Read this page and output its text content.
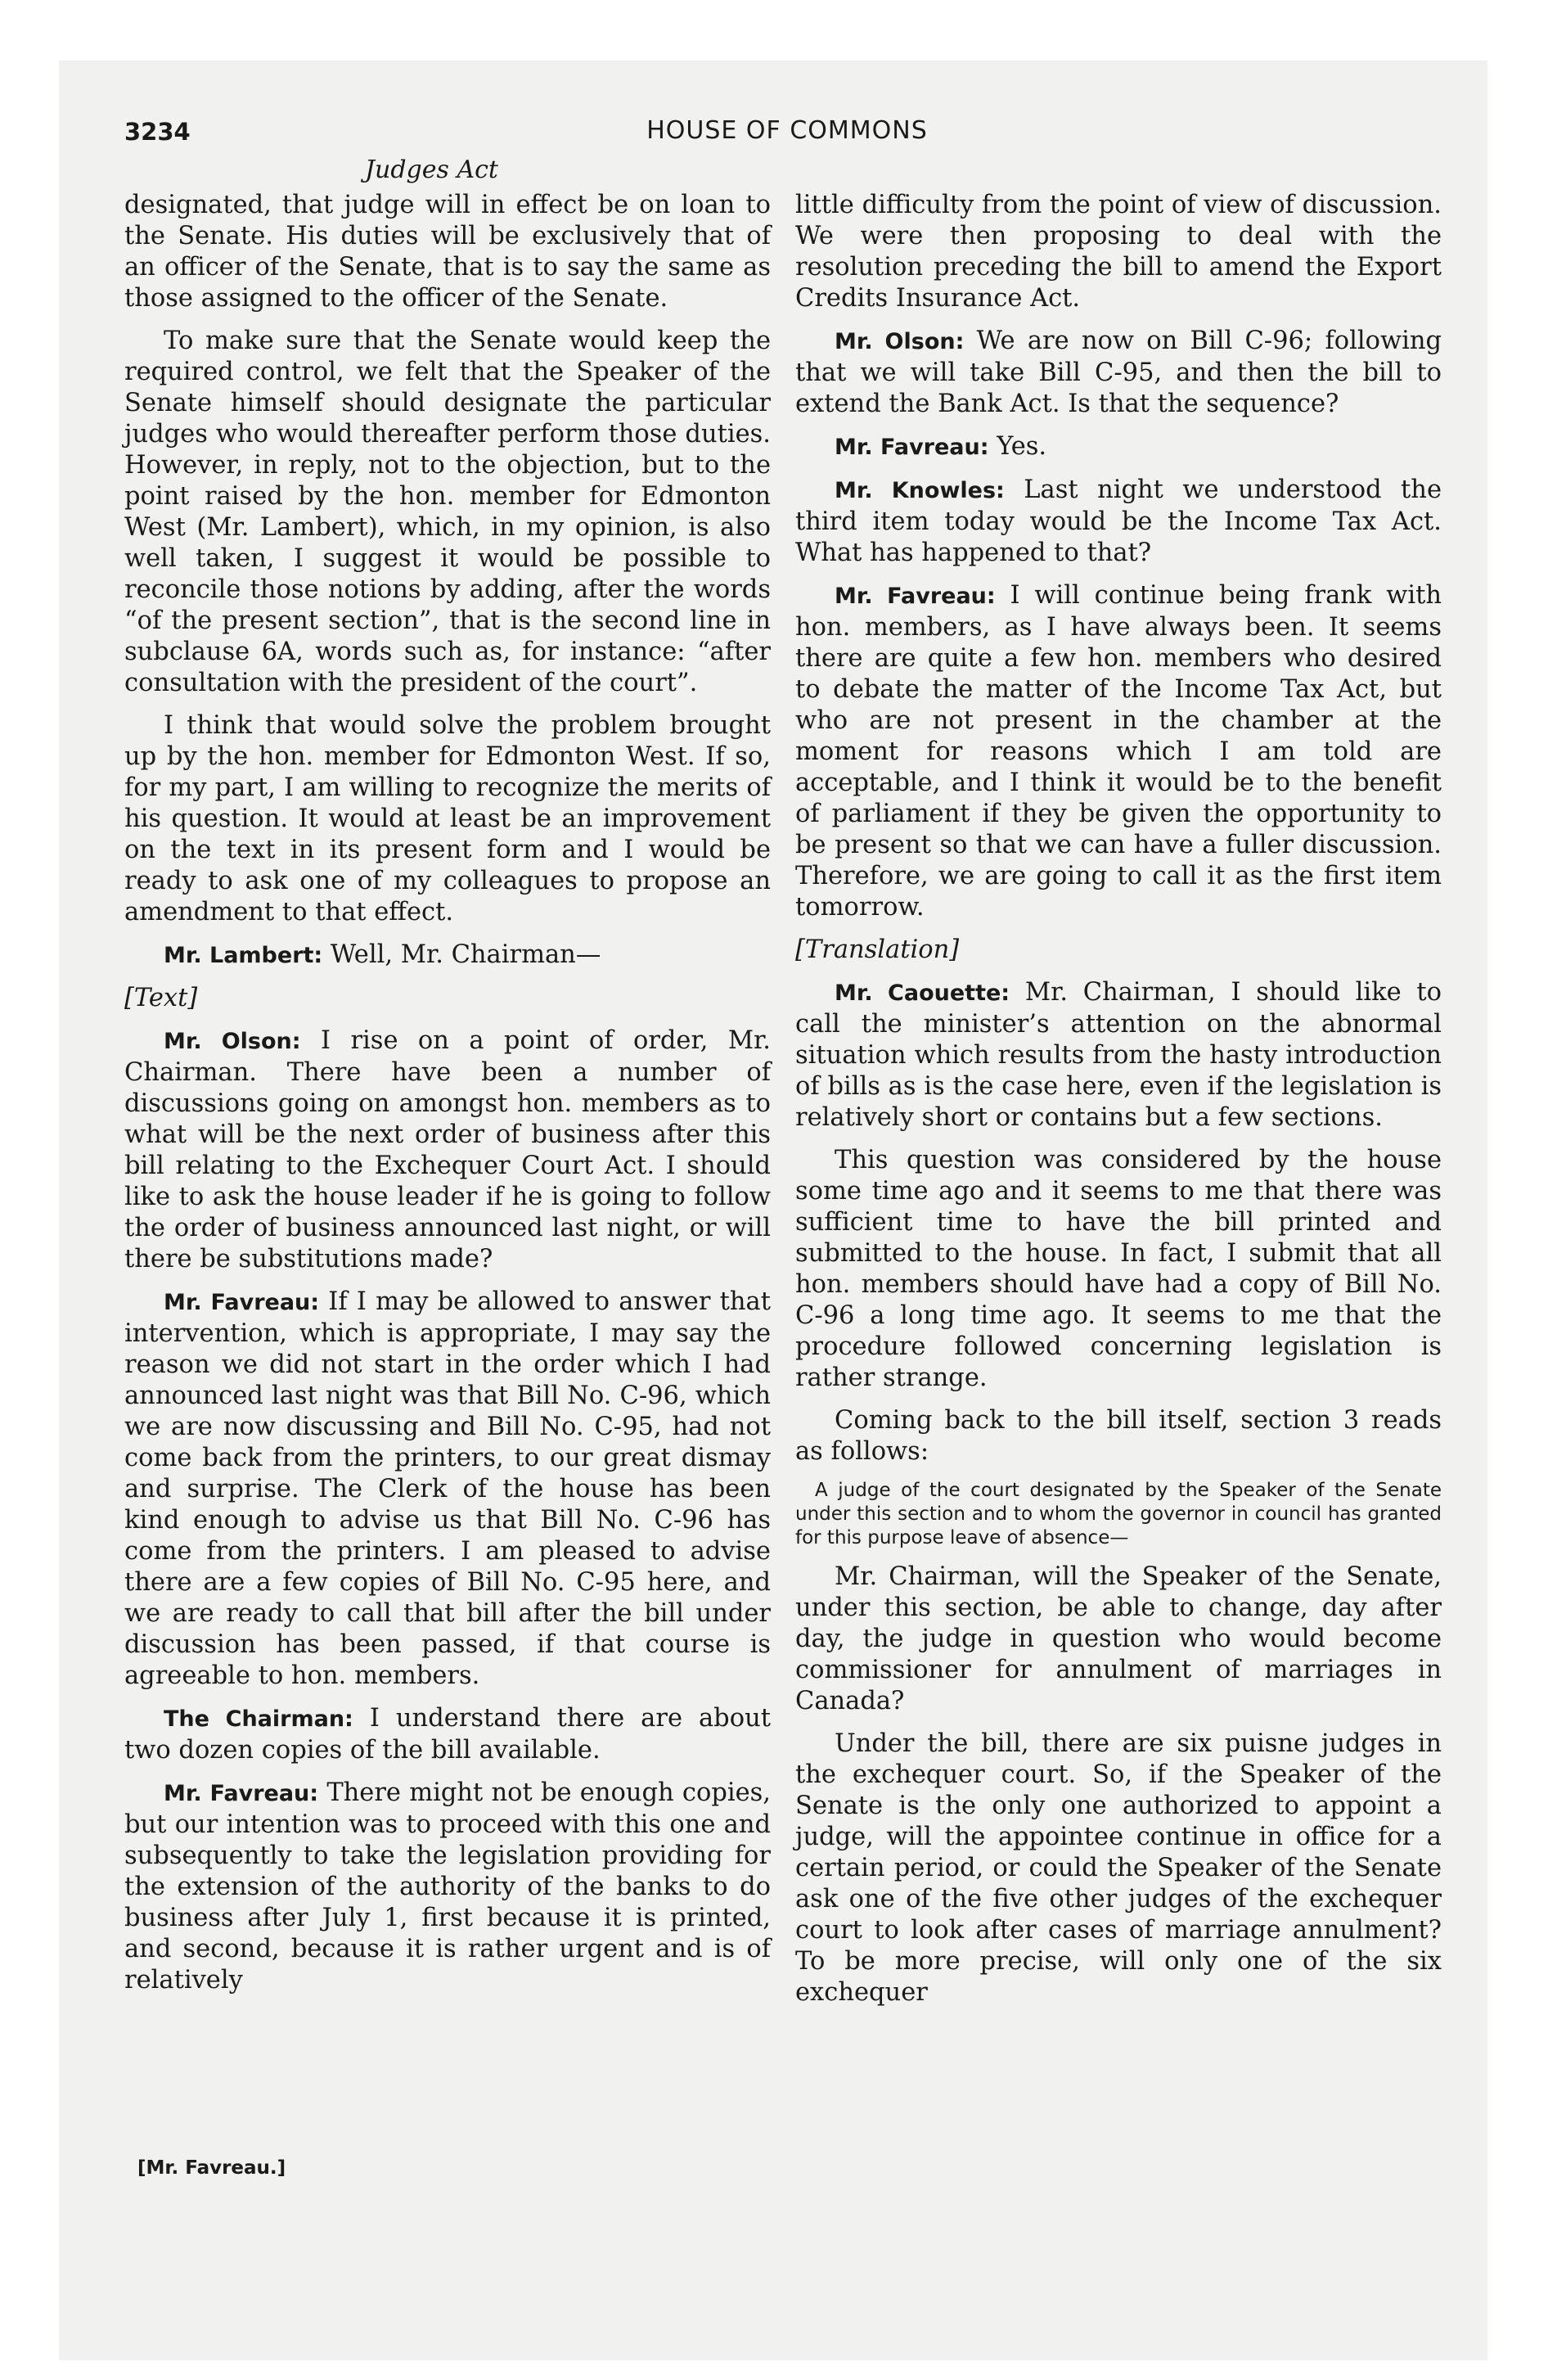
3234	HOUSE OF COMMONS
Judges Act

designated, that judge will in effect be on loan to the Senate. His duties will be exclusively that of an officer of the Senate, that is to say the same as those assigned to the officer of the Senate.

To make sure that the Senate would keep the required control, we felt that the Speaker of the Senate himself should designate the particular judges who would thereafter perform those duties. However, in reply, not to the objection, but to the point raised by the hon. member for Edmonton West (Mr. Lambert), which, in my opinion, is also well taken, I suggest it would be possible to reconcile those notions by adding, after the words “of the present section”, that is the second line in subclause 6A, words such as, for instance: “after consultation with the president of the court”.

I think that would solve the problem brought up by the hon. member for Edmonton West. If so, for my part, I am willing to recognize the merits of his question. It would at least be an improvement on the text in its present form and I would be ready to ask one of my colleagues to propose an amendment to that effect.

Mr. Lambert: Well, Mr. Chairman—

[Text]

Mr. Olson: I rise on a point of order, Mr. Chairman. There have been a number of discussions going on amongst hon. members as to what will be the next order of business after this bill relating to the Exchequer Court Act. I should like to ask the house leader if he is going to follow the order of business announced last night, or will there be substitutions made?

Mr. Favreau: If I may be allowed to answer that intervention, which is appropriate, I may say the reason we did not start in the order which I had announced last night was that Bill No. C-96, which we are now discussing and Bill No. C-95, had not come back from the printers, to our great dismay and surprise. The Clerk of the house has been kind enough to advise us that Bill No. C-96 has come from the printers. I am pleased to advise there are a few copies of Bill No. C-95 here, and we are ready to call that bill after the bill under discussion has been passed, if that course is agreeable to hon. members.

The Chairman: I understand there are about two dozen copies of the bill available.

Mr. Favreau: There might not be enough copies, but our intention was to proceed with this one and subsequently to take the legislation providing for the extension of the authority of the banks to do business after July 1, first because it is printed, and second, because it is rather urgent and is of relatively

little difficulty from the point of view of discussion. We were then proposing to deal with the resolution preceding the bill to amend the Export Credits Insurance Act.

Mr. Olson: We are now on Bill C-96; following that we will take Bill C-95, and then the bill to extend the Bank Act. Is that the sequence?

Mr. Favreau: Yes.

Mr. Knowles: Last night we understood the third item today would be the Income Tax Act. What has happened to that?

Mr. Favreau: I will continue being frank with hon. members, as I have always been. It seems there are quite a few hon. members who desired to debate the matter of the Income Tax Act, but who are not present in the chamber at the moment for reasons which I am told are acceptable, and I think it would be to the benefit of parliament if they be given the opportunity to be present so that we can have a fuller discussion. Therefore, we are going to call it as the first item tomorrow.

[Translation]

Mr. Caouette: Mr. Chairman, I should like to call the minister’s attention on the abnormal situation which results from the hasty introduction of bills as is the case here, even if the legislation is relatively short or contains but a few sections.

This question was considered by the house some time ago and it seems to me that there was sufficient time to have the bill printed and submitted to the house. In fact, I submit that all hon. members should have had a copy of Bill No. C-96 a long time ago. It seems to me that the procedure followed concerning legislation is rather strange.

Coming back to the bill itself, section 3 reads as follows:

A judge of the court designated by the Speaker of the Senate under this section and to whom the governor in council has granted for this purpose leave of absence—

Mr. Chairman, will the Speaker of the Senate, under this section, be able to change, day after day, the judge in question who would become commissioner for annulment of marriages in Canada?

Under the bill, there are six puisne judges in the exchequer court. So, if the Speaker of the Senate is the only one authorized to appoint a judge, will the appointee continue in office for a certain period, or could the Speaker of the Senate ask one of the five other judges of the exchequer court to look after cases of marriage annulment? To be more precise, will only one of the six exchequer

[Mr. Favreau.]
